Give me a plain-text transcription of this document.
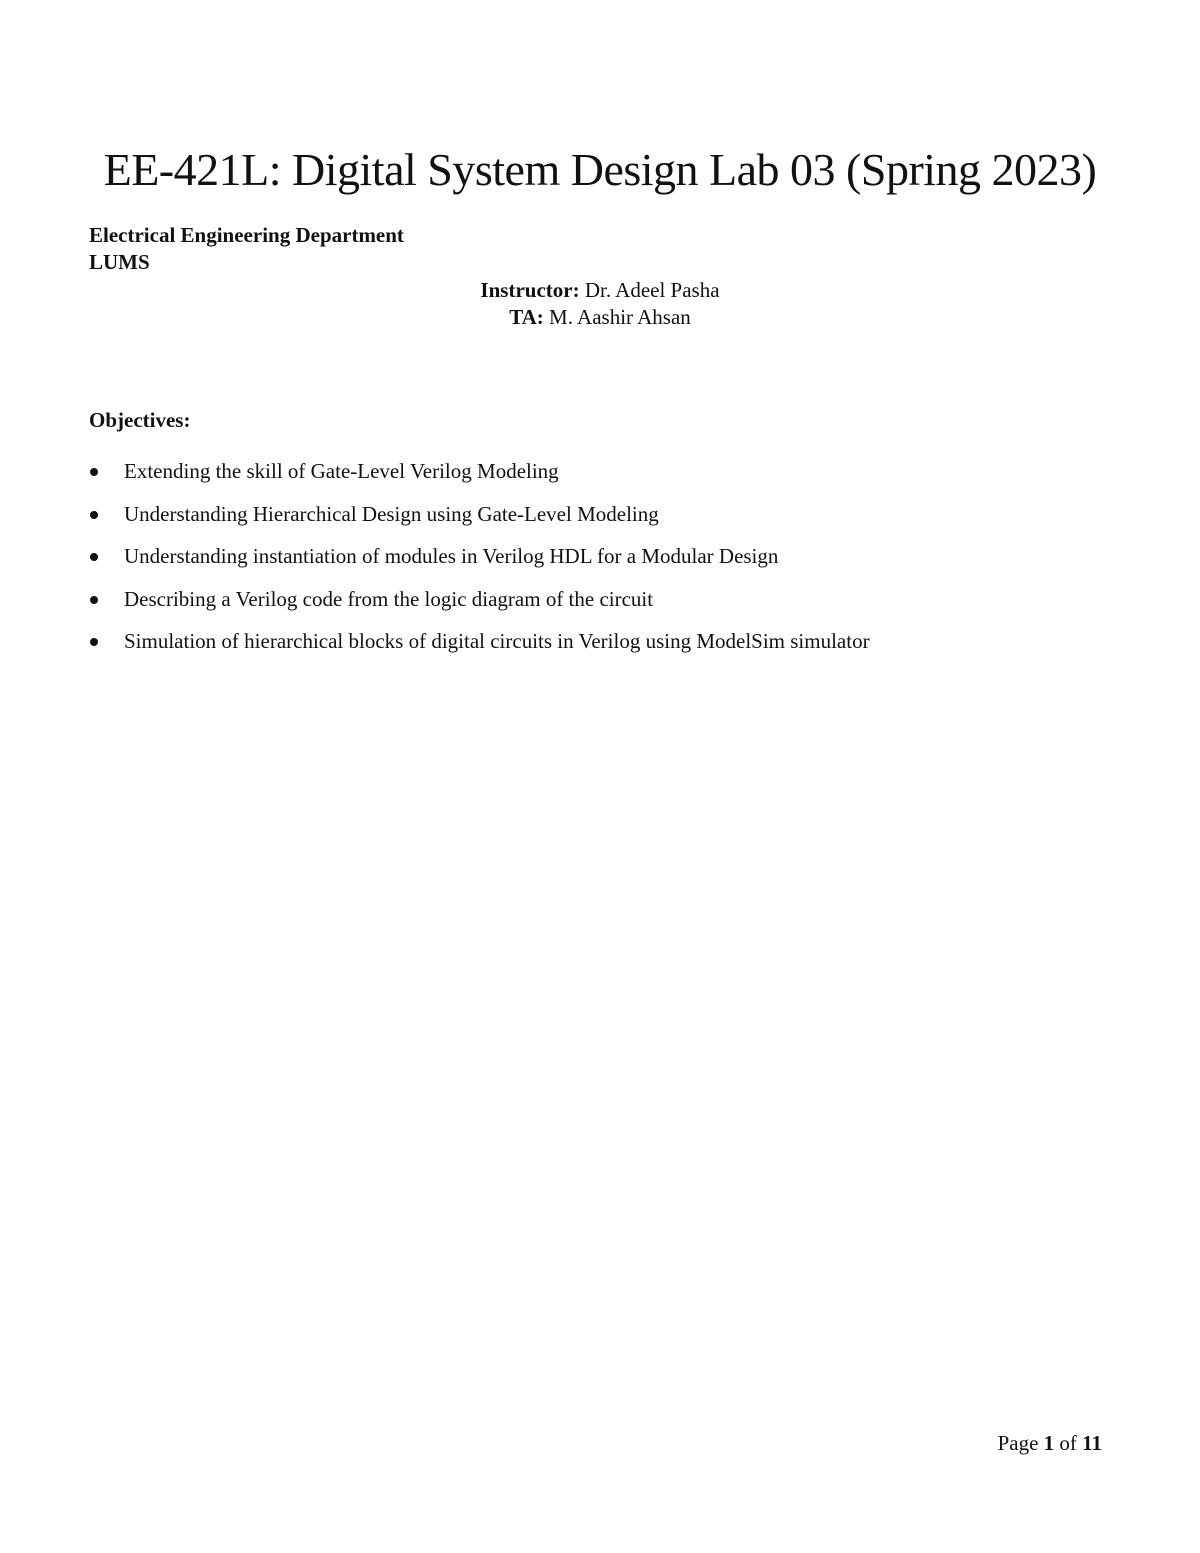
EE-421L: Digital System Design Lab 03 (Spring 2023)
Electrical Engineering Department
LUMS
Instructor: Dr. Adeel Pasha
TA: M. Aashir Ahsan
Objectives:
Extending the skill of Gate-Level Verilog Modeling
Understanding Hierarchical Design using Gate-Level Modeling
Understanding instantiation of modules in Verilog HDL for a Modular Design
Describing a Verilog code from the logic diagram of the circuit
Simulation of hierarchical blocks of digital circuits in Verilog using ModelSim simulator
Page 1 of 11
